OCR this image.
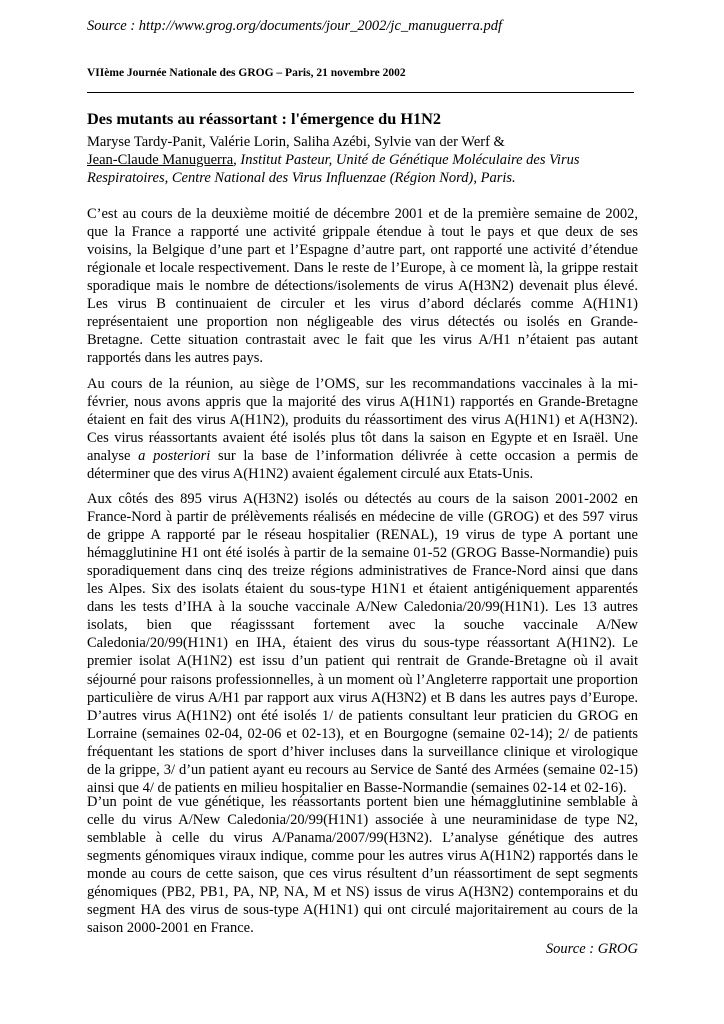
Source : http://www.grog.org/documents/jour_2002/jc_manuguerra.pdf
VIIème Journée Nationale des GROG – Paris, 21 novembre 2002
Des mutants au réassortant : l'émergence du H1N2
Maryse Tardy-Panit, Valérie Lorin, Saliha Azébi, Sylvie van der Werf &
Jean-Claude Manuguerra, Institut Pasteur, Unité de Génétique Moléculaire des Virus
Respiratoires, Centre National des Virus Influenzae (Région Nord), Paris.
C’est au cours de la deuxième moitié de décembre 2001 et de la première semaine de 2002,
que la France a rapporté une activité grippale étendue à tout le pays et que deux de ses
voisins, la Belgique d’une part et l’Espagne d’autre part, ont rapporté une activité d’étendue
régionale et locale respectivement. Dans le reste de l’Europe, à ce moment là, la grippe restait
sporadique mais le nombre de détections/isolements de virus A(H3N2) devenait plus élevé.
Les virus B continuaient de circuler et les virus d’abord déclarés comme A(H1N1)
représentaient une proportion non négligeable des virus détectés ou isolés en Grande-
Bretagne. Cette situation contrastait avec le fait que les virus A/H1 n’étaient pas autant
rapportés dans les autres pays.
Au cours de la réunion, au siège de l’OMS, sur les recommandations vaccinales à la mi-
février, nous avons appris que la majorité des virus A(H1N1) rapportés en Grande-Bretagne
étaient en fait des virus A(H1N2), produits du réassortiment des virus A(H1N1) et A(H3N2).
Ces virus réassortants avaient été isolés plus tôt dans la saison en Egypte et en Israël. Une
analyse a posteriori sur la base de l’information délivrée à cette occasion a permis de
déterminer que des virus A(H1N2) avaient également circulé aux Etats-Unis.
Aux côtés des 895 virus A(H3N2) isolés ou détectés au cours de la saison 2001-2002 en
France-Nord à partir de prélèvements réalisés en médecine de ville (GROG) et des 597 virus
de grippe A rapporté par le réseau hospitalier (RENAL), 19 virus de type A portant une
hémagglutinine H1 ont été isolés à partir de la semaine 01-52 (GROG Basse-Normandie) puis
sporadiquement dans cinq des treize régions administratives de France-Nord ainsi que dans
les Alpes. Six des isolats étaient du sous-type H1N1 et étaient antigéniquement apparentés
dans les tests d’IHA à la souche vaccinale A/New Caledonia/20/99(H1N1). Les 13 autres
isolats, bien que réagisssant fortement avec la souche vaccinale A/New
Caledonia/20/99(H1N1) en IHA, étaient des virus du sous-type réassortant A(H1N2). Le
premier isolat A(H1N2) est issu d’un patient qui rentrait de Grande-Bretagne où il avait
séjourné pour raisons professionnelles, à un moment où l’Angleterre rapportait une proportion
particulière de virus A/H1 par rapport aux virus A(H3N2) et B dans les autres pays d’Europe.
D’autres virus A(H1N2) ont été isolés 1/ de patients consultant leur praticien du GROG en
Lorraine (semaines 02-04, 02-06 et 02-13), et en Bourgogne (semaine 02-14); 2/ de patients
fréquentant les stations de sport d’hiver incluses dans la surveillance clinique et virologique
de la grippe, 3/ d’un patient ayant eu recours au Service de Santé des Armées (semaine 02-15)
ainsi que 4/ de patients en milieu hospitalier en Basse-Normandie (semaines 02-14 et 02-16).
D’un point de vue génétique, les réassortants portent bien une hémagglutinine semblable à
celle du virus A/New Caledonia/20/99(H1N1) associée à une neuraminidase de type N2,
semblable à celle du virus A/Panama/2007/99(H3N2). L’analyse génétique des autres
segments génomiques viraux indique, comme pour les autres virus A(H1N2) rapportés dans le
monde au cours de cette saison, que ces virus résultent d’un réassortiment de sept segments
génomiques (PB2, PB1, PA, NP, NA, M et NS) issus de virus A(H3N2) contemporains et du
segment HA des virus de sous-type A(H1N1) qui ont circulé majoritairement au cours de la
saison 2000-2001 en France.
Source : GROG
